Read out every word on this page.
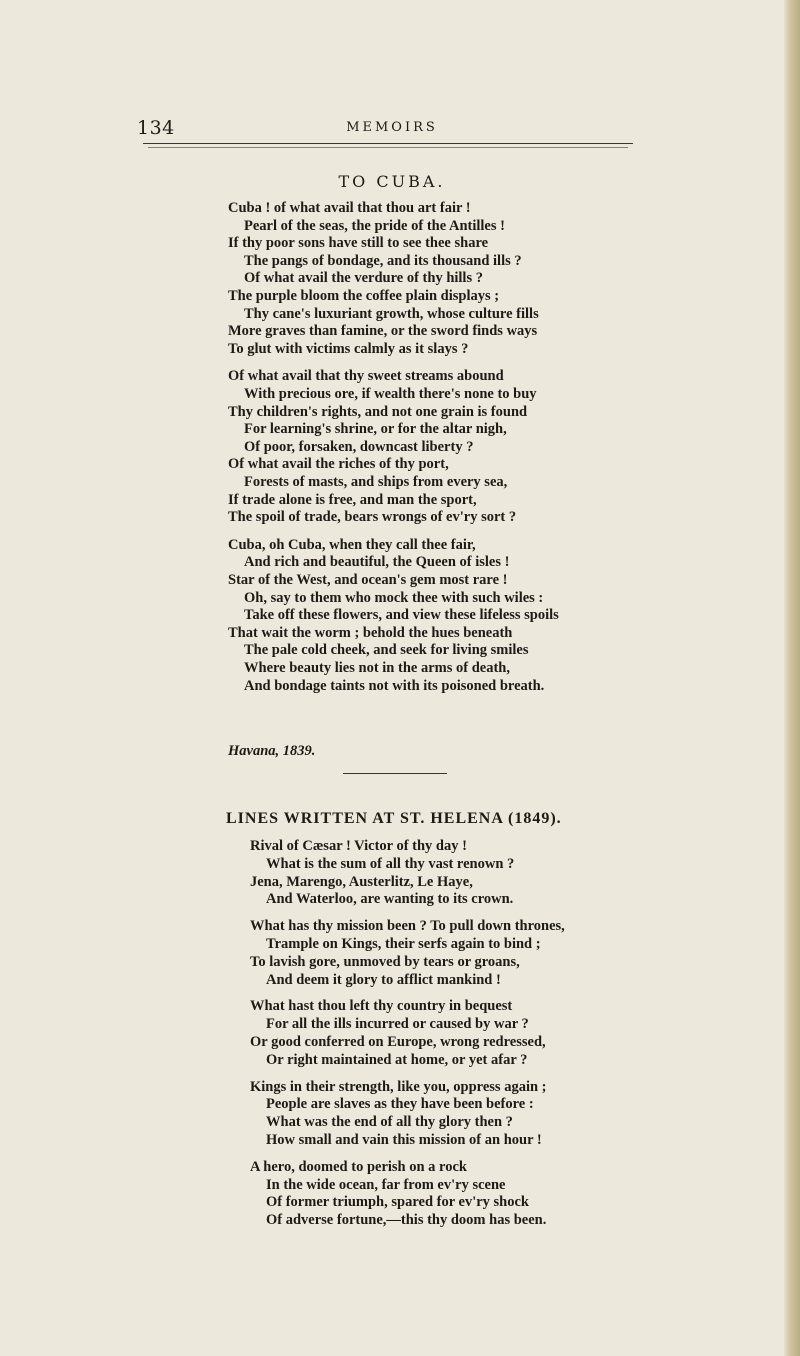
134	MEMOIRS
TO CUBA.
Cuba ! of what avail that thou art fair !
Pearl of the seas, the pride of the Antilles !
If thy poor sons have still to see thee share
The pangs of bondage, and its thousand ills ?
Of what avail the verdure of thy hills ?
The purple bloom the coffee plain displays ;
Thy cane's luxuriant growth, whose culture fills
More graves than famine, or the sword finds ways
To glut with victims calmly as it slays ?
Of what avail that thy sweet streams abound
With precious ore, if wealth there's none to buy
Thy children's rights, and not one grain is found
For learning's shrine, or for the altar nigh,
Of poor, forsaken, downcast liberty ?
Of what avail the riches of thy port,
Forests of masts, and ships from every sea,
If trade alone is free, and man the sport,
The spoil of trade, bears wrongs of ev'ry sort ?
Cuba, oh Cuba, when they call thee fair,
And rich and beautiful, the Queen of isles !
Star of the West, and ocean's gem most rare !
Oh, say to them who mock thee with such wiles :
Take off these flowers, and view these lifeless spoils
That wait the worm ; behold the hues beneath
The pale cold cheek, and seek for living smiles
Where beauty lies not in the arms of death,
And bondage taints not with its poisoned breath.
Havana, 1839.
LINES WRITTEN AT ST. HELENA (1849).
Rival of Cæsar ! Victor of thy day !
What is the sum of all thy vast renown ?
Jena, Marengo, Austerlitz, Le Haye,
And Waterloo, are wanting to its crown.
What has thy mission been ? To pull down thrones,
Trample on Kings, their serfs again to bind ;
To lavish gore, unmoved by tears or groans,
And deem it glory to afflict mankind !
What hast thou left thy country in bequest
For all the ills incurred or caused by war ?
Or good conferred on Europe, wrong redressed,
Or right maintained at home, or yet afar ?
Kings in their strength, like you, oppress again ;
People are slaves as they have been before :
What was the end of all thy glory then ?
How small and vain this mission of an hour !
A hero, doomed to perish on a rock
In the wide ocean, far from ev'ry scene
Of former triumph, spared for ev'ry shock
Of adverse fortune,—this thy doom has been.
